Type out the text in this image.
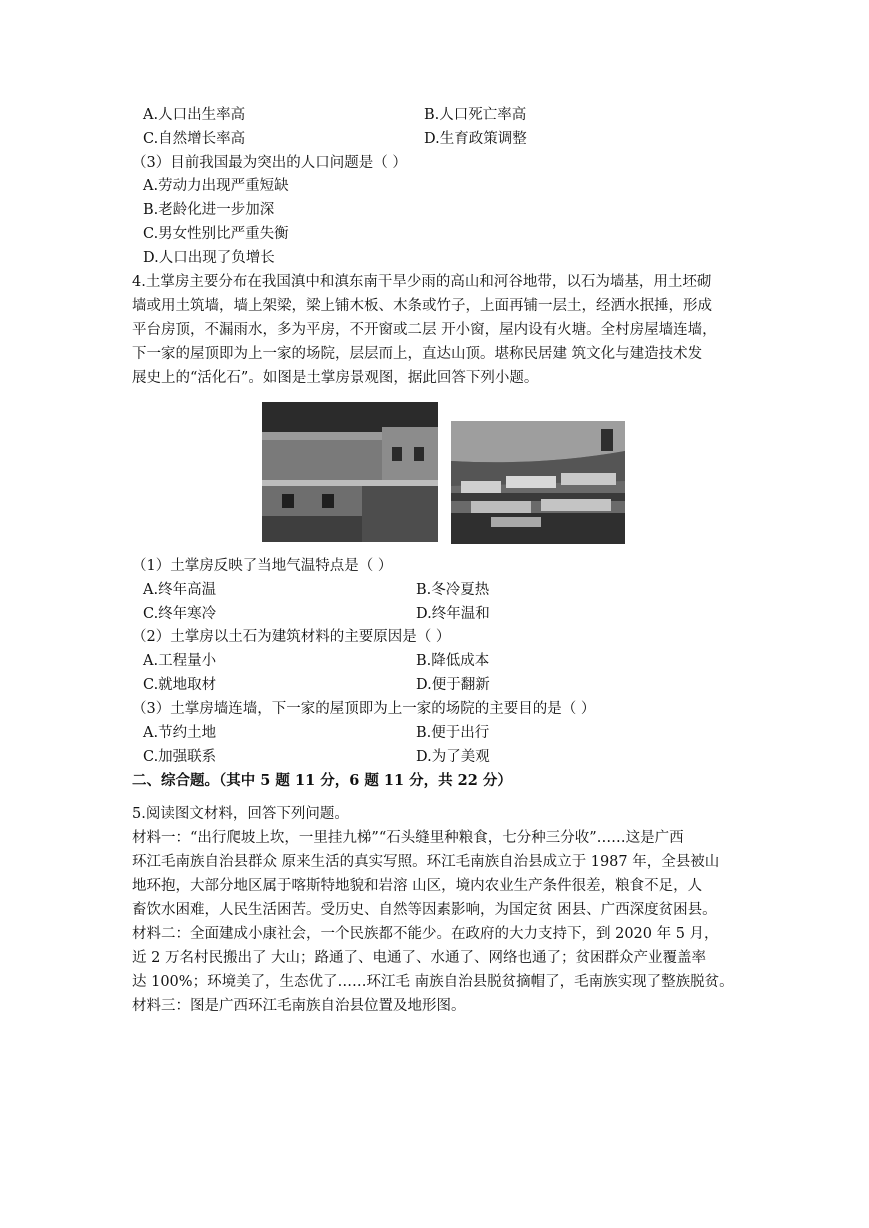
A.人口出生率高	B.人口死亡率高
C.自然增长率高	D.生育政策调整
（3）目前我国最为突出的人口问题是（ ）
A.劳动力出现严重短缺
B.老龄化进一步加深
C.男女性别比严重失衡
D.人口出现了负增长
4.土掌房主要分布在我国滇中和滇东南干旱少雨的高山和河谷地带，以石为墙基，用土坯砌
墙或用土筑墙，墙上架梁，梁上铺木板、木条或竹子，上面再铺一层土，经洒水抿捶，形成
平台房顶，不漏雨水，多为平房，不开窗或二层 开小窗，屋内设有火塘。全村房屋墙连墙，
下一家的屋顶即为上一家的场院，层层而上，直达山顶。堪称民居建 筑文化与建造技术发
展史上的“活化石”。如图是土掌房景观图，据此回答下列小题。
（1）土掌房反映了当地气温特点是（ ）
A.终年高温	B.冬冷夏热
C.终年寒冷	D.终年温和
（2）土掌房以土石为建筑材料的主要原因是（ ）
A.工程量小	B.降低成本
C.就地取材	D.便于翻新
（3）土掌房墙连墙，下一家的屋顶即为上一家的场院的主要目的是（ ）
A.节约土地	B.便于出行
C.加强联系	D.为了美观
二、综合题。（其中 5 题 11 分，6 题 11 分，共 22 分）
5.阅读图文材料，回答下列问题。
材料一：“出行爬坡上坎，一里挂九梯”“石头缝里种粮食，七分种三分收”……这是广西
环江毛南族自治县群众 原来生活的真实写照。环江毛南族自治县成立于 1987 年，全县被山
地环抱，大部分地区属于喀斯特地貌和岩溶 山区，境内农业生产条件很差，粮食不足，人
畜饮水困难，人民生活困苦。受历史、自然等因素影响，为国定贫 困县、广西深度贫困县。
材料二：全面建成小康社会，一个民族都不能少。在政府的大力支持下，到 2020 年 5 月，
近 2 万名村民搬出了 大山；路通了、电通了、水通了、网络也通了；贫困群众产业覆盖率
达 100%；环境美了，生态优了……环江毛 南族自治县脱贫摘帽了，毛南族实现了整族脱贫。
材料三：图是广西环江毛南族自治县位置及地形图。
